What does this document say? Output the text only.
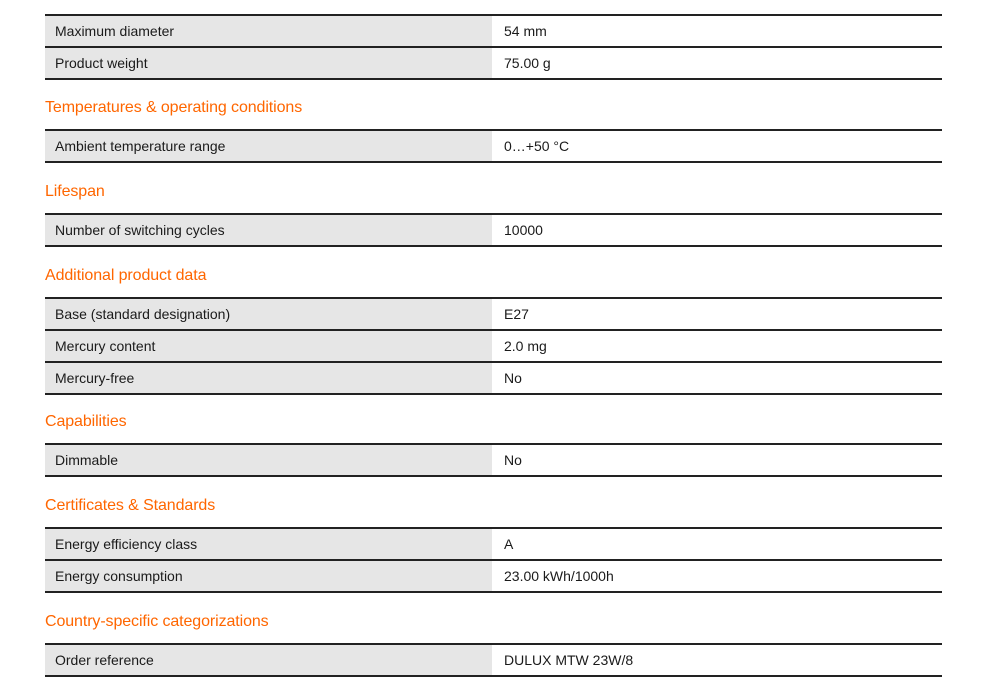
Maximum diameter	54 mm
Product weight	75.00 g
Temperatures & operating conditions
Ambient temperature range	0…+50 °C
Lifespan
Number of switching cycles	10000
Additional product data
Base (standard designation)	E27
Mercury content	2.0 mg
Mercury-free	No
Capabilities
Dimmable	No
Certificates & Standards
Energy efficiency class	A
Energy consumption	23.00 kWh/1000h
Country-specific categorizations
Order reference	DULUX MTW 23W/8
